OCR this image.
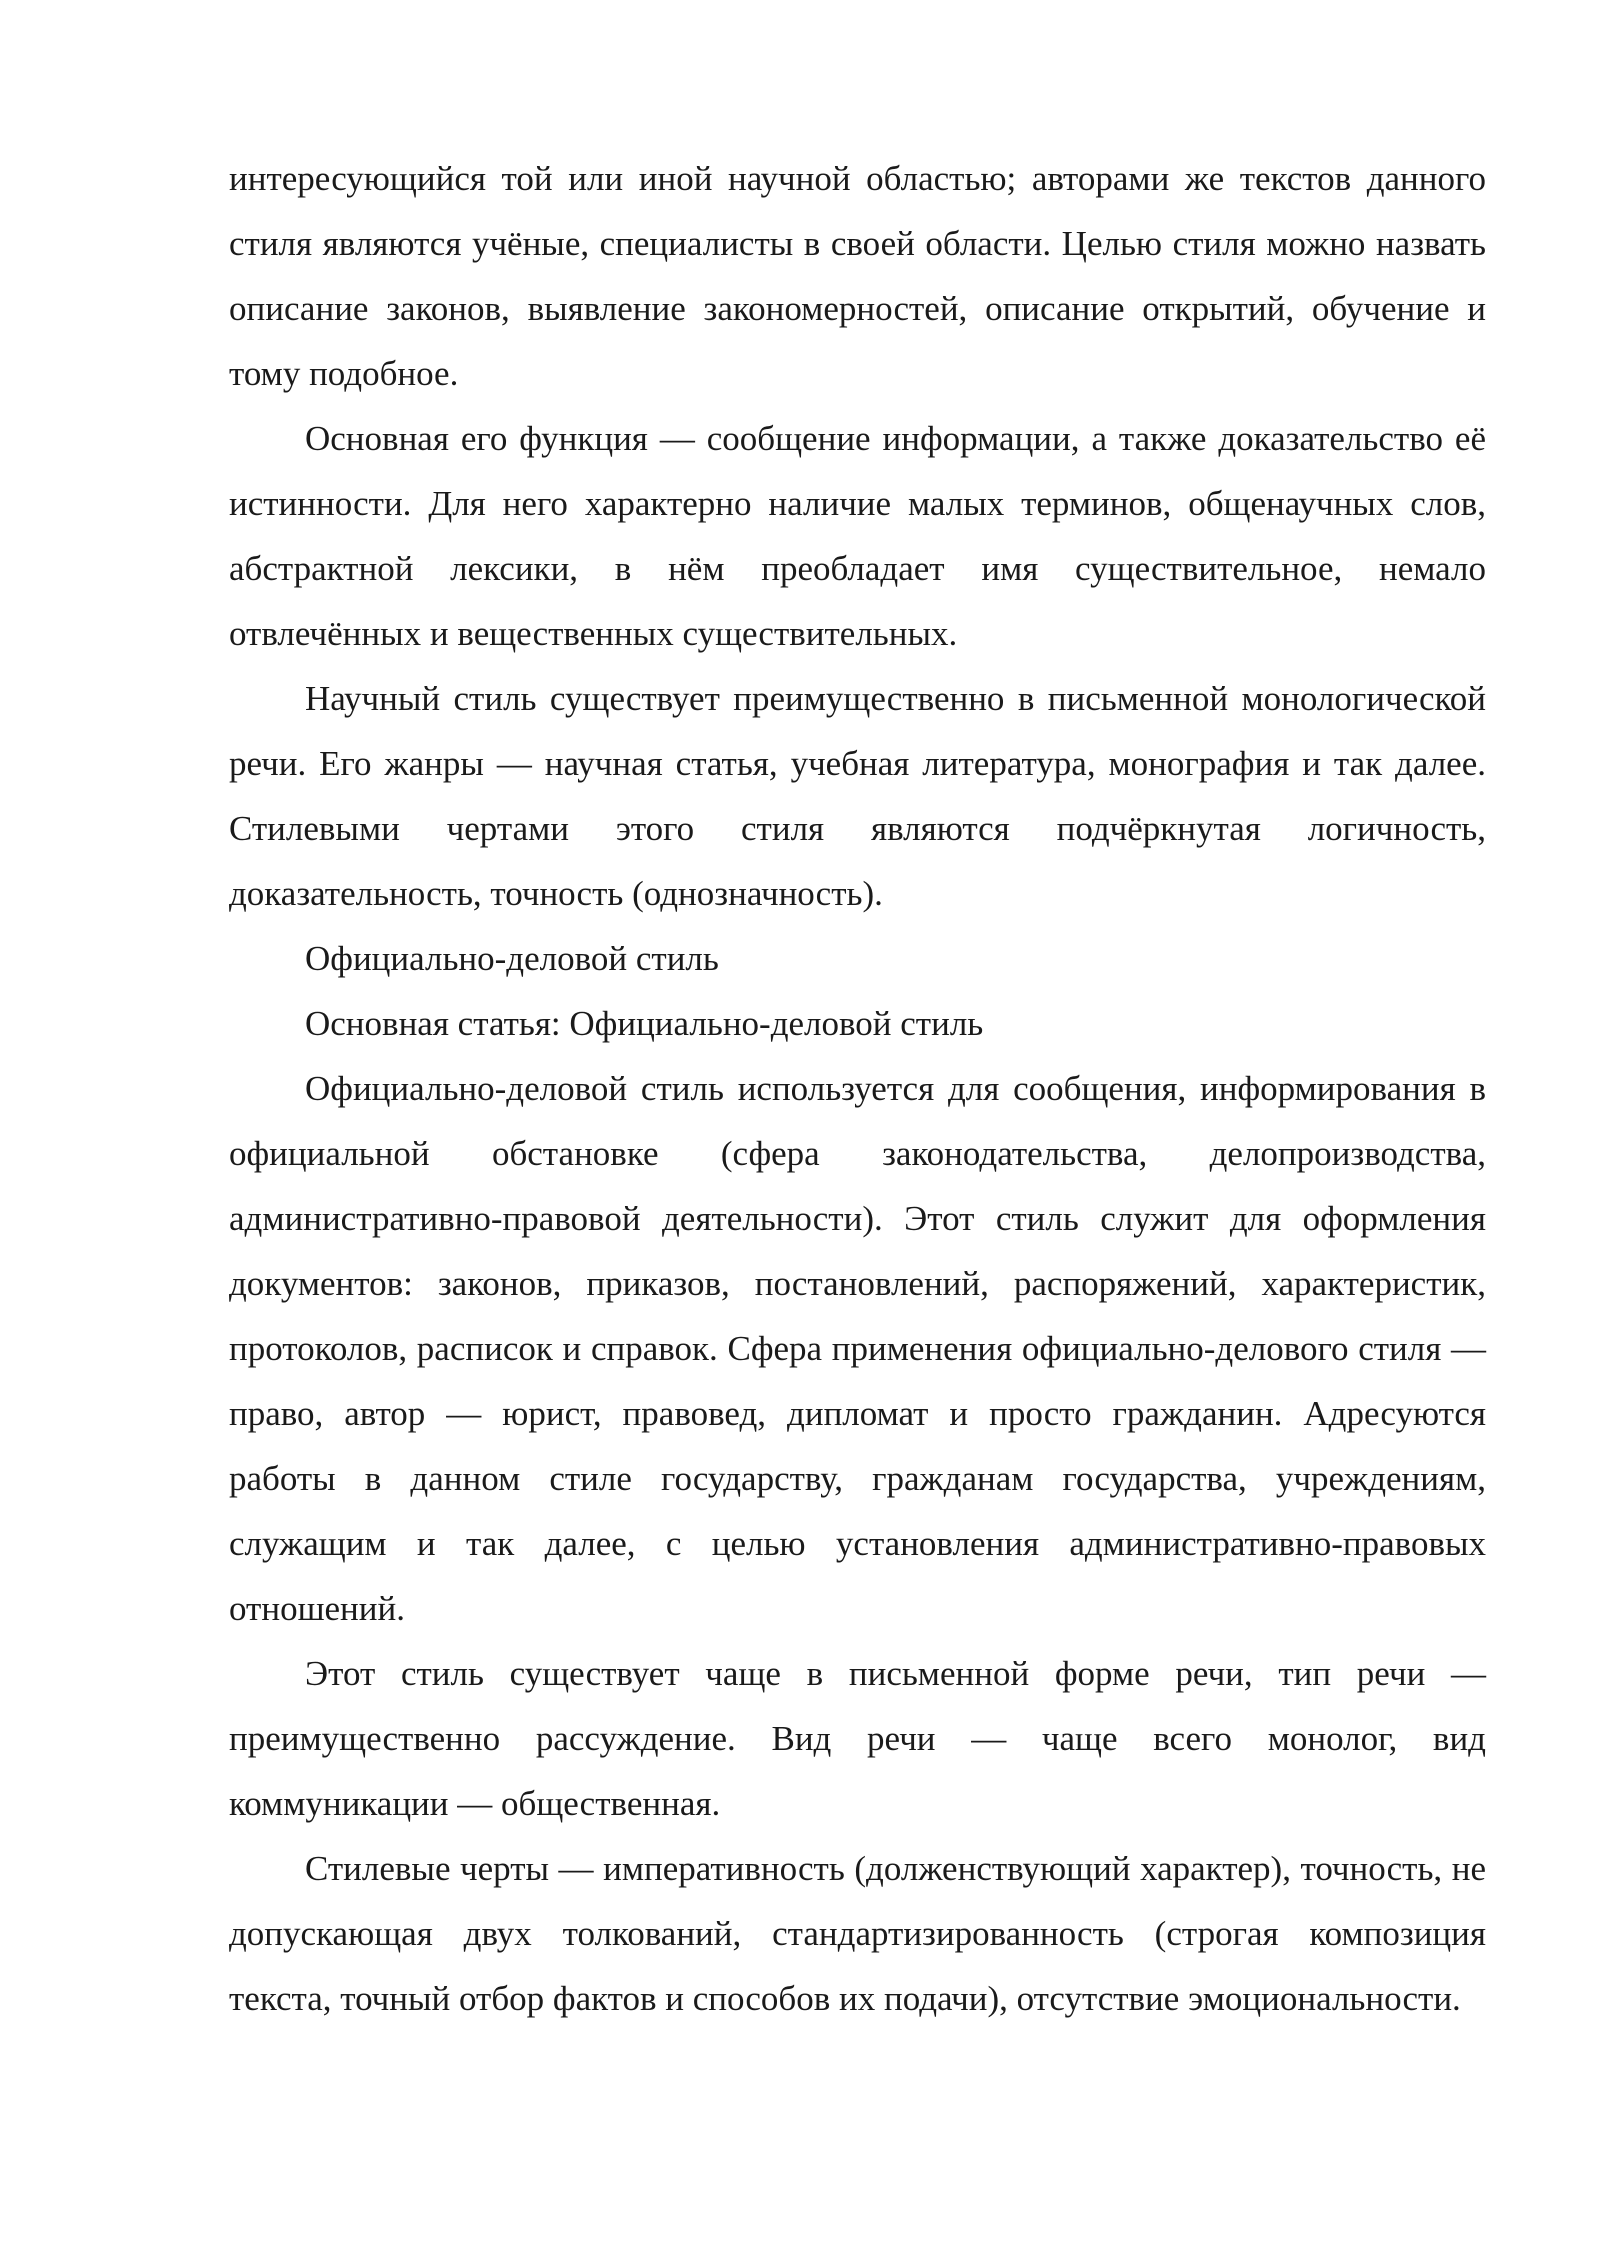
интересующийся той или иной научной областью; авторами же текстов данного стиля являются учёные, специалисты в своей области. Целью стиля можно назвать описание законов, выявление закономерностей, описание открытий, обучение и тому подобное.

Основная его функция — сообщение информации, а также доказательство её истинности. Для него характерно наличие малых терминов, общенаучных слов, абстрактной лексики, в нём преобладает имя существительное, немало отвлечённых и вещественных существительных.

Научный стиль существует преимущественно в письменной монологической речи. Его жанры — научная статья, учебная литература, монография и так далее. Стилевыми чертами этого стиля являются подчёркнутая логичность, доказательность, точность (однозначность).

Официально-деловой стиль

Основная статья: Официально-деловой стиль

Официально-деловой стиль используется для сообщения, информирования в официальной обстановке (сфера законодательства, делопроизводства, административно-правовой деятельности). Этот стиль служит для оформления документов: законов, приказов, постановлений, распоряжений, характеристик, протоколов, расписок и справок. Сфера применения официально-делового стиля — право, автор — юрист, правовед, дипломат и просто гражданин. Адресуются работы в данном стиле государству, гражданам государства, учреждениям, служащим и так далее, с целью установления административно-правовых отношений.

Этот стиль существует чаще в письменной форме речи, тип речи — преимущественно рассуждение. Вид речи — чаще всего монолог, вид коммуникации — общественная.

Стилевые черты — императивность (долженствующий характер), точность, не допускающая двух толкований, стандартизированность (строгая композиция текста, точный отбор фактов и способов их подачи), отсутствие эмоциональности.
